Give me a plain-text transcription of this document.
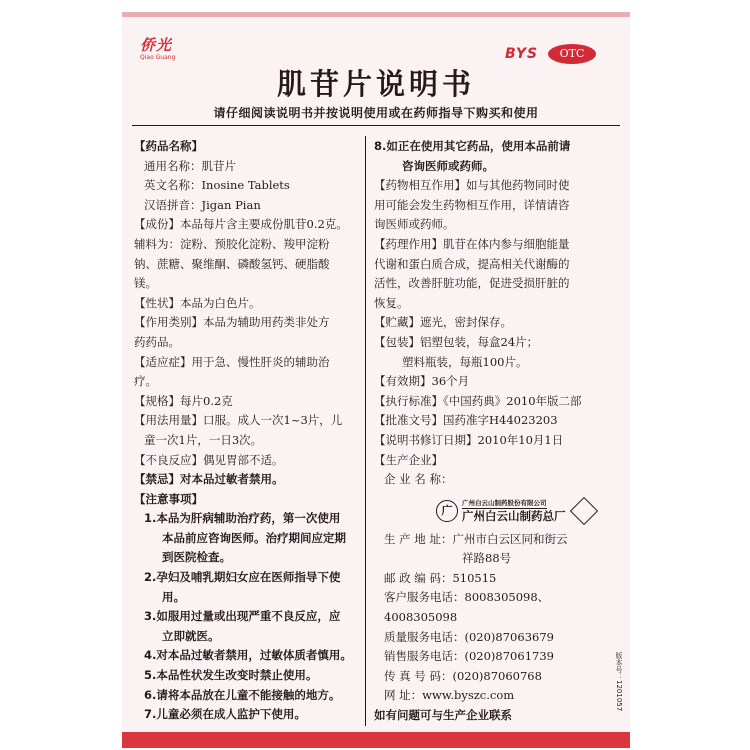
侨光
Qiao Guang	BYS	OTC
肌苷片说明书
请仔细阅读说明书并按说明使用或在药师指导下购买和使用

【药品名称】

通用名称：肌苷片

英文名称：Inosine Tablets

汉语拼音：Jigan Pian

【成份】本品每片含主要成份肌苷0.2克。

辅料为：淀粉、预胶化淀粉、羧甲淀粉

钠、蔗糖、聚维酮、磷酸氢钙、硬脂酸

镁。

【性状】本品为白色片。

【作用类别】本品为辅助用药类非处方

药药品。

【适应症】用于急、慢性肝炎的辅助治

疗。

【规格】每片0.2克

【用法用量】口服。成人一次1~3片，儿

童一次1片，一日3次。

【不良反应】偶见胃部不适。

【禁忌】对本品过敏者禁用。

【注意事项】

1.本品为肝病辅助治疗药，第一次使用

本品前应咨询医师。治疗期间应定期

到医院检查。

2.孕妇及哺乳期妇女应在医师指导下使

用。

3.如服用过量或出现严重不良反应，应

立即就医。

4.对本品过敏者禁用，过敏体质者慎用。

5.本品性状发生改变时禁止使用。

6.请将本品放在儿童不能接触的地方。

7.儿童必须在成人监护下使用。

8.如正在使用其它药品，使用本品前请

咨询医师或药师。

【药物相互作用】如与其他药物同时使

用可能会发生药物相互作用，详情请咨

询医师或药师。

【药理作用】肌苷在体内参与细胞能量

代谢和蛋白质合成，提高相关代谢酶的

活性，改善肝脏功能，促进受损肝脏的

恢复。

【贮藏】遮光，密封保存。

【包装】铝塑包装，每盒24片；

塑料瓶装，每瓶100片。

【有效期】36个月

【执行标准】《中国药典》2010年版二部

【批准文号】国药准字H44023203

【说明书修订日期】2010年10月1日

【生产企业】

企 业 名 称：

广
广州白云山制药股份有限公司
广州白云山制药总厂

生 产 地 址：广州市白云区同和街云

祥路88号

邮 政 编 码：510515

客户服务电话：8008305098、4008305098

质量服务电话：(020)87063679

销售服务电话：(020)87061739

传 真 号 码：(020)87060768

网 址：www.byszc.com

如有问题可与生产企业联系

版本号：1201057
